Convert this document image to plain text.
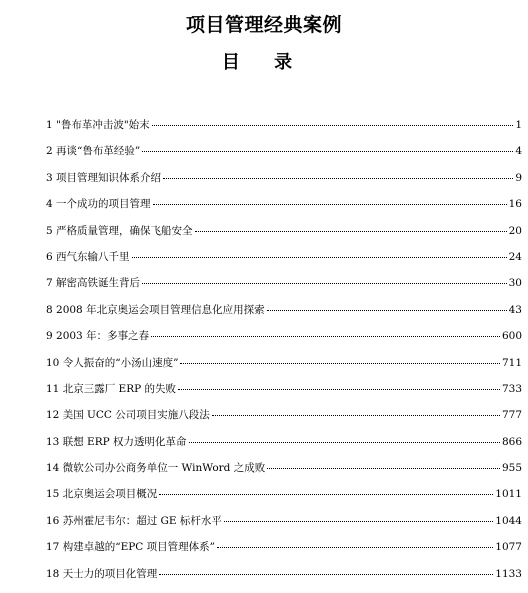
项目管理经典案例
目 录
1 "鲁布革冲击波"始末	1
2 再谈“鲁布革经验”	4
3 项目管理知识体系介绍	9
4 一个成功的项目管理	16
5 严格质量管理，确保飞船安全	20
6 西气东输八千里	24
7 解密高铁诞生背后	30
8 2008 年北京奥运会项目管理信息化应用探索	43
9 2003 年：多事之春	600
10 令人振奋的“小汤山速度”	711
11 北京三露厂 ERP 的失败	733
12 美国 UCC 公司项目实施八段法	777
13 联想 ERP 权力透明化革命	866
14 微软公司办公商务单位一 WinWord 之成败	955
15 北京奥运会项目概况	1011
16 苏州霍尼韦尔：超过 GE 标杆水平	1044
17 构建卓越的“EPC 项目管理体系”	1077
18 天士力的项目化管理	1133
